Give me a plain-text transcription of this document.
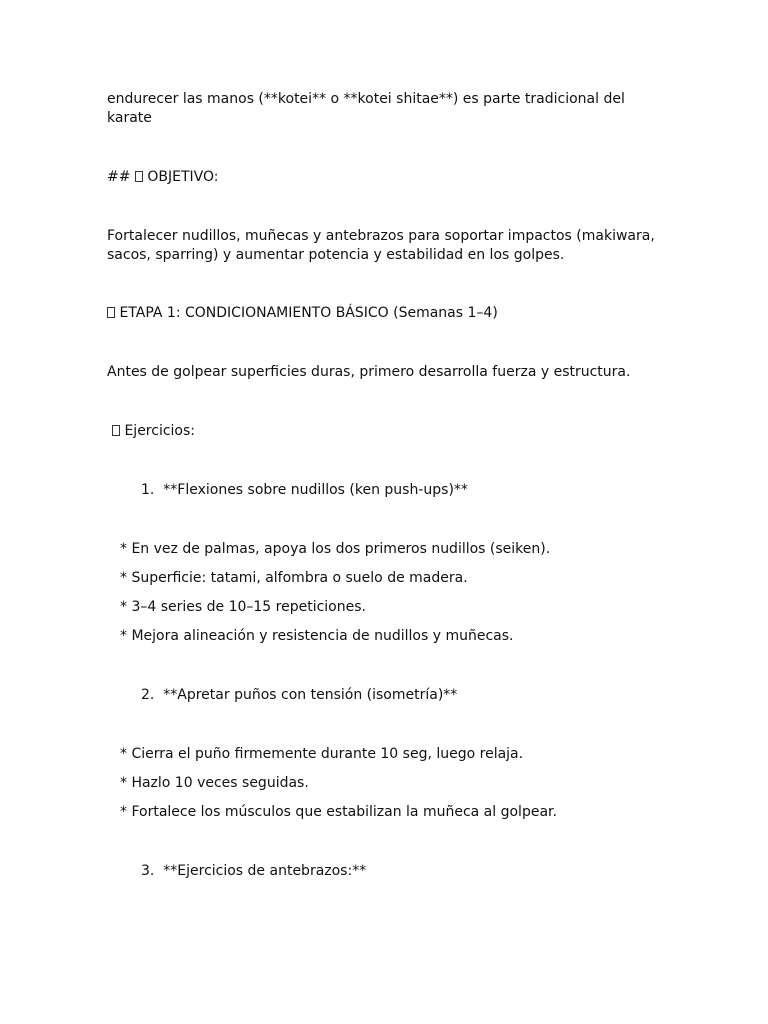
endurecer las manos (**kotei** o **kotei shitae**) es parte tradicional del karate
##  OBJETIVO:
Fortalecer nudillos, muñecas y antebrazos para soportar impactos (makiwara, sacos, sparring) y aumentar potencia y estabilidad en los golpes.
ETAPA 1: CONDICIONAMIENTO BÁSICO (Semanas 1–4)
Antes de golpear superficies duras, primero desarrolla fuerza y estructura.
Ejercicios:
1. **Flexiones sobre nudillos (ken push-ups)**
* En vez de palmas, apoya los dos primeros nudillos (seiken).
* Superficie: tatami, alfombra o suelo de madera.
* 3–4 series de 10–15 repeticiones.
* Mejora alineación y resistencia de nudillos y muñecas.
2. **Apretar puños con tensión (isometría)**
* Cierra el puño firmemente durante 10 seg, luego relaja.
* Hazlo 10 veces seguidas.
* Fortalece los músculos que estabilizan la muñeca al golpear.
3. **Ejercicios de antebrazos:**
